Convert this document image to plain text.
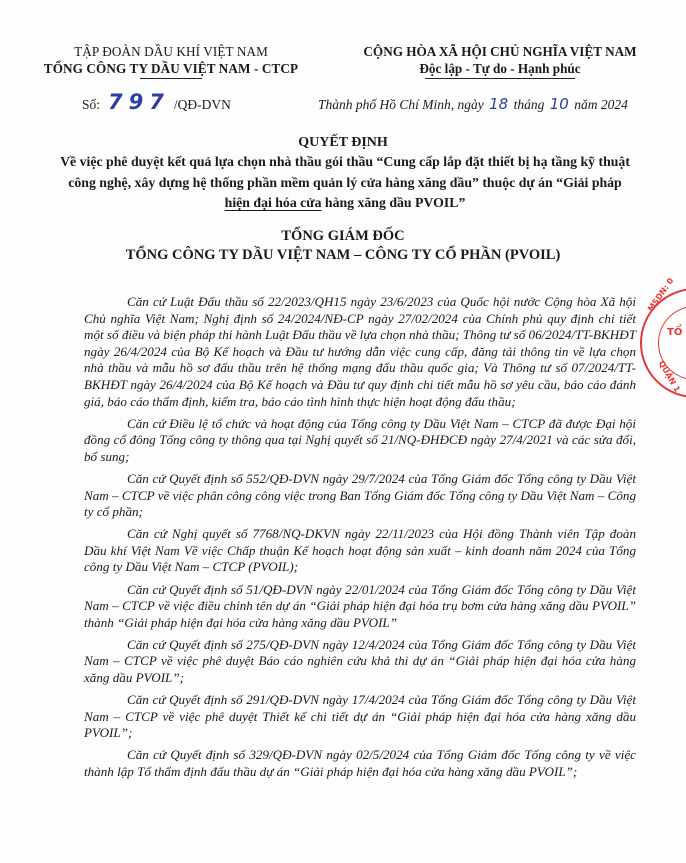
TẬP ĐOÀN DẦU KHÍ VIỆT NAM
TỔNG CÔNG TY DẦU VIỆT NAM - CTCP
CỘNG HÒA XÃ HỘI CHỦ NGHĨA VIỆT NAM
Độc lập - Tự do - Hạnh phúc
Số: 797 /QĐ-DVN	Thành phố Hồ Chí Minh, ngày 18 tháng 10 năm 2024
QUYẾT ĐỊNH
Về việc phê duyệt kết quả lựa chọn nhà thầu gói thầu “Cung cấp lắp đặt thiết bị hạ tầng kỹ thuật công nghệ, xây dựng hệ thống phần mềm quản lý cửa hàng xăng dầu” thuộc dự án “Giải pháp hiện đại hóa cửa hàng xăng dầu PVOIL”
TỔNG GIÁM ĐỐC
TỔNG CÔNG TY DẦU VIỆT NAM – CÔNG TY CỔ PHẦN (PVOIL)

Căn cứ Luật Đấu thầu số 22/2023/QH15 ngày 23/6/2023 của Quốc hội nước Cộng hòa Xã hội Chủ nghĩa Việt Nam; Nghị định số 24/2024/NĐ-CP ngày 27/02/2024 của Chính phủ quy định chi tiết một số điều và biện pháp thi hành Luật Đấu thầu về lựa chọn nhà thầu; Thông tư số 06/2024/TT-BKHĐT ngày 26/4/2024 của Bộ Kế hoạch và Đầu tư hướng dẫn việc cung cấp, đăng tải thông tin về lựa chọn nhà thầu và mẫu hồ sơ đấu thầu trên hệ thống mạng đấu thầu quốc gia; Và Thông tư số 07/2024/TT-BKHĐT ngày 26/4/2024 của Bộ Kế hoạch và Đầu tư quy định chi tiết mẫu hồ sơ yêu cầu, báo cáo đánh giá, báo cáo thẩm định, kiểm tra, báo cáo tình hình thực hiện hoạt động đấu thầu;

Căn cứ Điều lệ tổ chức và hoạt động của Tổng công ty Dầu Việt Nam – CTCP đã được Đại hội đồng cổ đông Tổng công ty thông qua tại Nghị quyết số 21/NQ-ĐHĐCĐ ngày 27/4/2021 và các sửa đổi, bổ sung;

Căn cứ Quyết định số 552/QĐ-DVN ngày 29/7/2024 của Tổng Giám đốc Tổng công ty Dầu Việt Nam – CTCP về việc phân công công việc trong Ban Tổng Giám đốc Tổng công ty Dầu Việt Nam – Công ty cổ phần;

Căn cứ Nghị quyết số 7768/NQ-DKVN ngày 22/11/2023 của Hội đồng Thành viên Tập đoàn Dầu khí Việt Nam Về việc Chấp thuận Kế hoạch hoạt động sản xuất – kinh doanh năm 2024 của Tổng công ty Dầu Việt Nam – CTCP (PVOIL);

Căn cứ Quyết định số 51/QĐ-DVN ngày 22/01/2024 của Tổng Giám đốc Tổng công ty Dầu Việt Nam – CTCP về việc điều chỉnh tên dự án “Giải pháp hiện đại hóa trụ bơm cửa hàng xăng dầu PVOIL” thành “Giải pháp hiện đại hóa cửa hàng xăng dầu PVOIL”

Căn cứ Quyết định số 275/QĐ-DVN ngày 12/4/2024 của Tổng Giám đốc Tổng công ty Dầu Việt Nam – CTCP về việc phê duyệt Báo cáo nghiên cứu khả thi dự án “Giải pháp hiện đại hóa cửa hàng xăng dầu PVOIL”;

Căn cứ Quyết định số 291/QĐ-DVN ngày 17/4/2024 của Tổng Giám đốc Tổng công ty Dầu Việt Nam – CTCP về việc phê duyệt Thiết kế chi tiết dự án “Giải pháp hiện đại hóa cửa hàng xăng dầu PVOIL”;

Căn cứ Quyết định số 329/QĐ-DVN ngày 02/5/2024 của Tổng Giám đốc Tổng công ty về việc thành lập Tổ thẩm định đấu thầu dự án “Giải pháp hiện đại hóa cửa hàng xăng dầu PVOIL”;

TỔ
MSDN: 0
QUẬN 1
